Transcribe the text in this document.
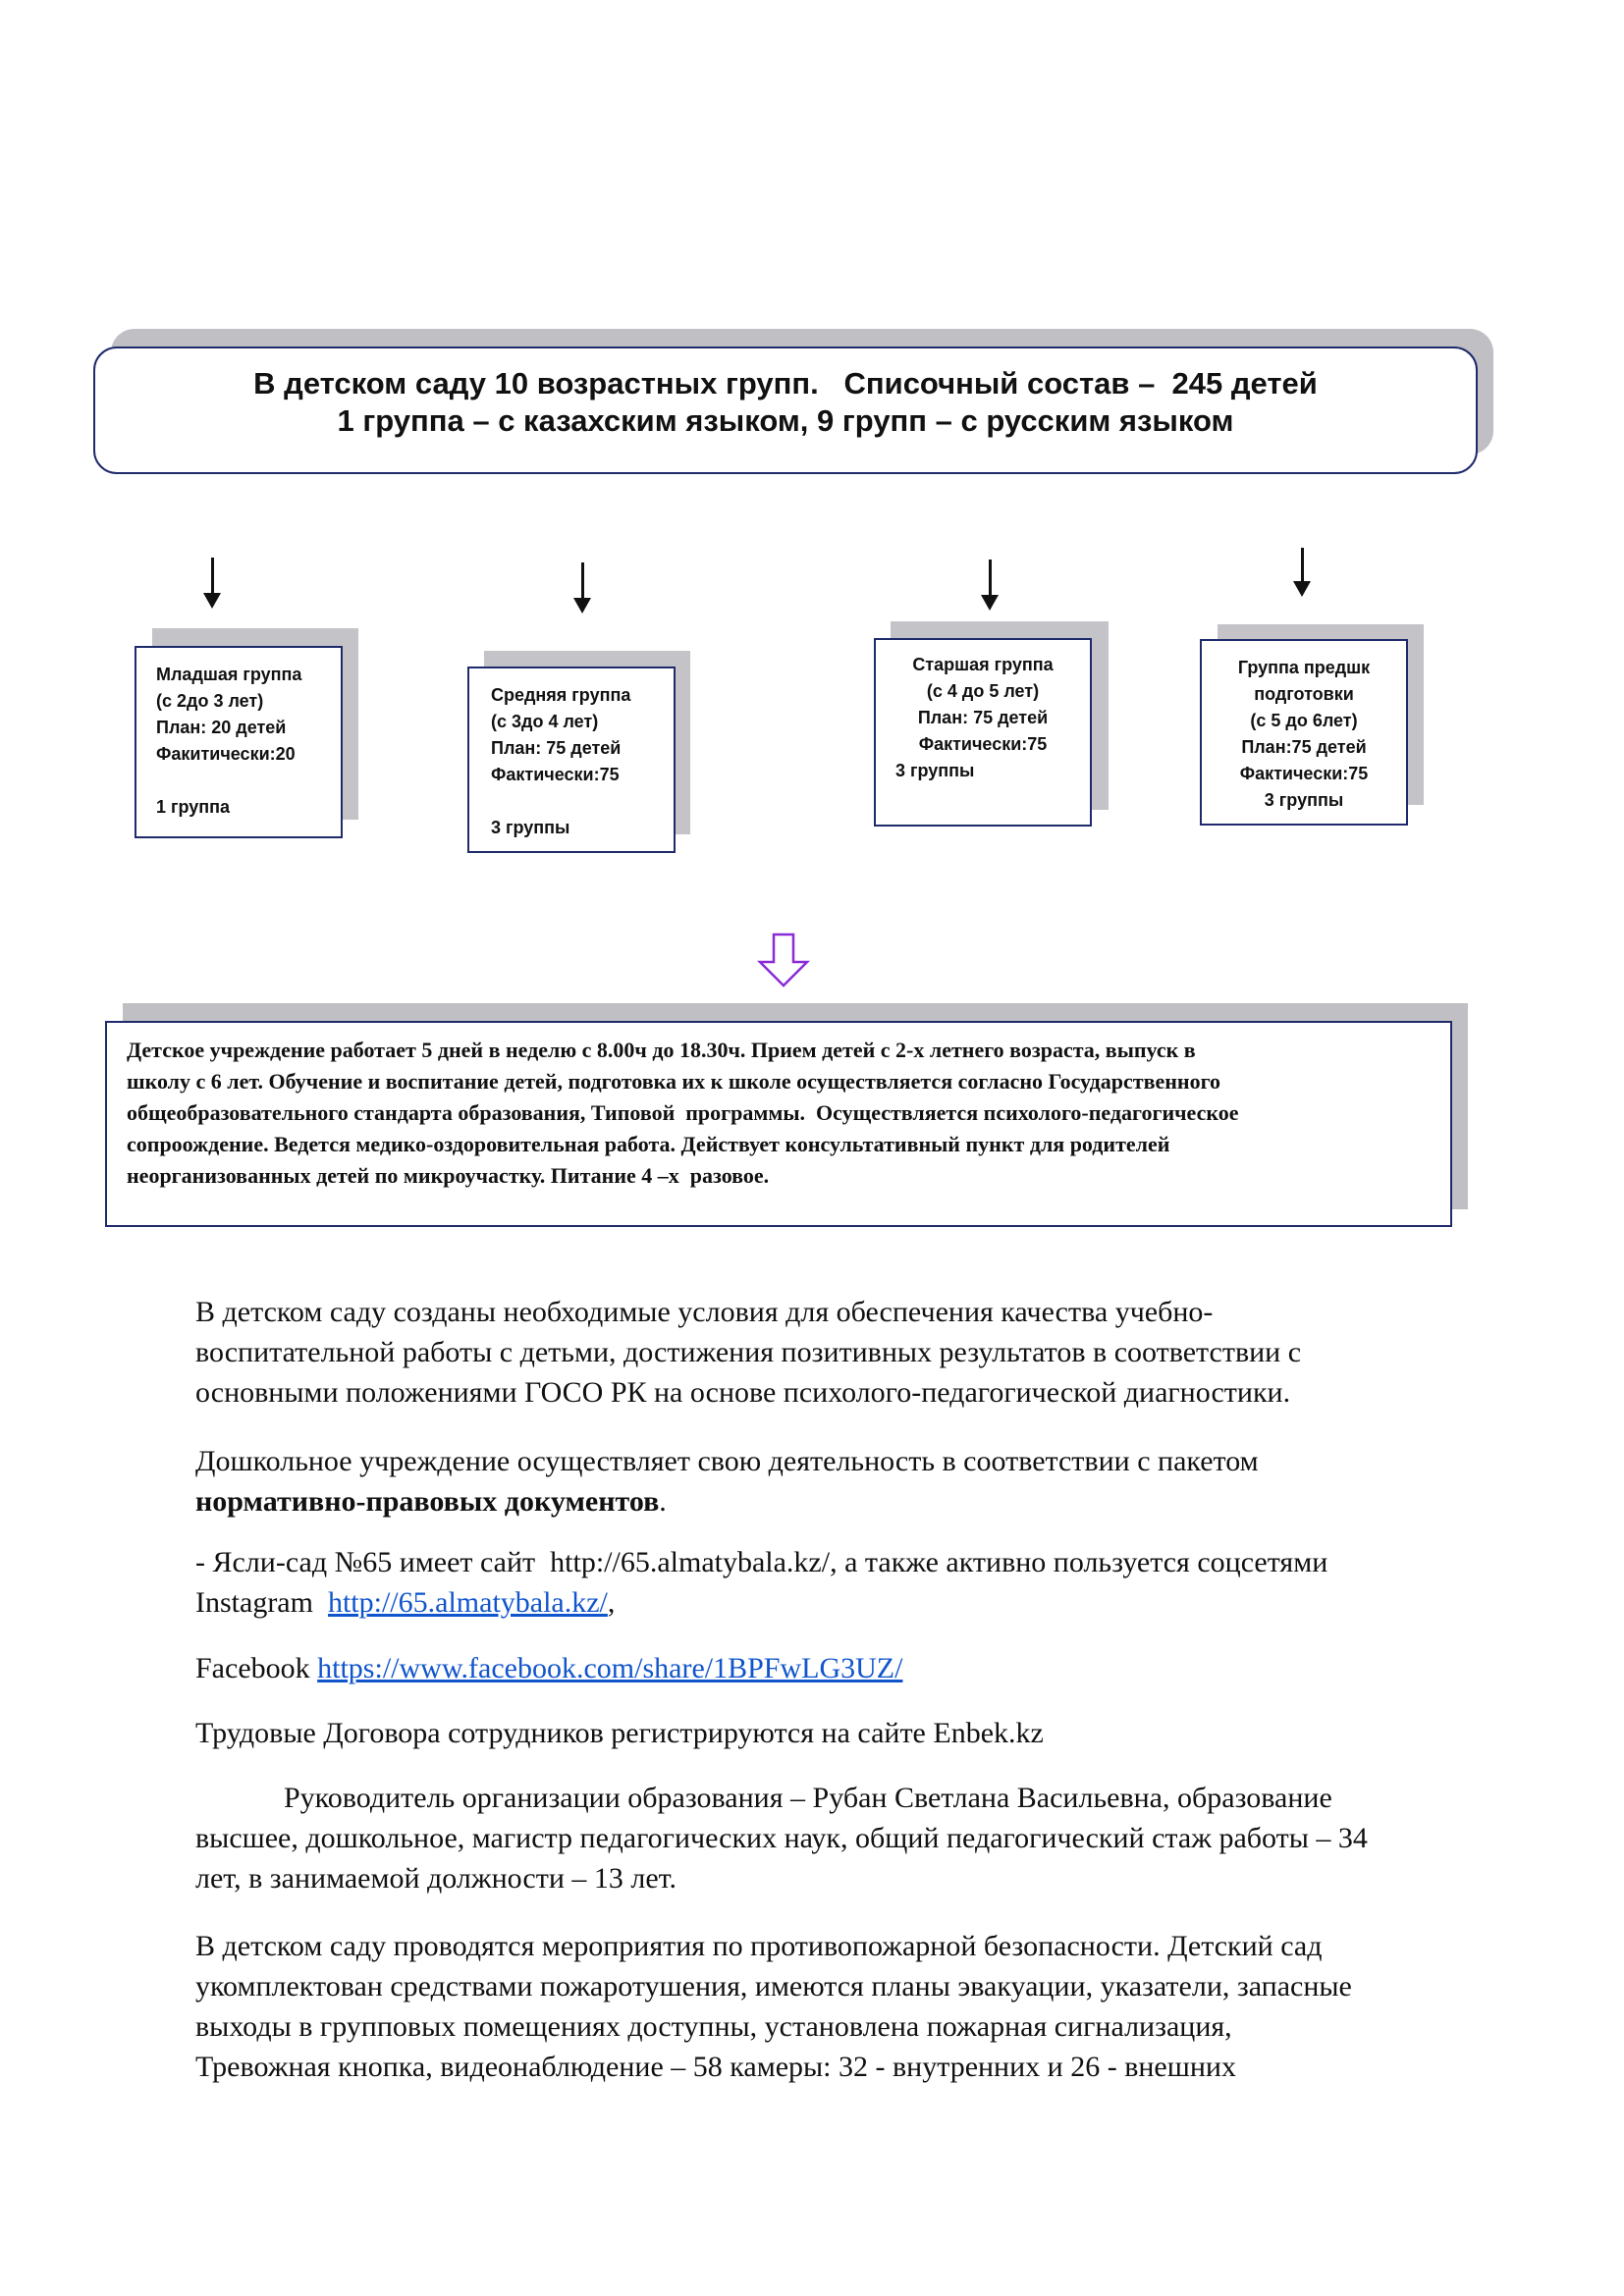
В детском саду 10 возрастных групп.   Списочный состав –  245 детей
1 группа – с казахским языком, 9 групп – с русским языком
Младшая группа
(с 2до 3 лет)
План: 20 детей
Факитически:20
1 группа
Средняя группа
(с 3до 4 лет)
План: 75 детей
Фактически:75
3 группы
Старшая группа
(с 4 до 5 лет)
План: 75 детей
Фактически:75
3 группы
Группа предшк
подготовки
(с 5 до 6лет)
План:75 детей
Фактически:75
3 группы
Детское учреждение работает 5 дней в неделю с 8.00ч до 18.30ч. Прием детей с 2-х летнего возраста, выпуск в
школу с 6 лет. Обучение и воспитание детей, подготовка их к школе осуществляется согласно Государственного
общеобразовательного стандарта образования, Типовой  программы.  Осуществляется психолого-педагогическое
сопроождение. Ведется медико-оздоровительная работа. Действует консультативный пункт для родителей
неорганизованных детей по микроучастку. Питание 4 –х  разовое.
В детском саду созданы необходимые условия для обеспечения качества учебно-
воспитательной работы с детьми, достижения позитивных результатов в соответствии с
основными положениями ГОСО РК на основе психолого-педагогической диагностики.
Дошкольное учреждение осуществляет свою деятельность в соответствии с пакетом
нормативно-правовых документов.
- Ясли-сад №65 имеет сайт  http://65.almatybala.kz/, а также активно пользуется соцсетями
Instagram  http://65.almatybala.kz/,
Facebook https://www.facebook.com/share/1BPFwLG3UZ/
Трудовые Договора сотрудников регистрируются на сайте Enbek.kz
Руководитель организации образования – Рубан Светлана Васильевна, образование
высшее, дошкольное, магистр педагогических наук, общий педагогический стаж работы – 34
лет, в занимаемой должности – 13 лет.
В детском саду проводятся мероприятия по противопожарной безопасности. Детский сад
укомплектован средствами пожаротушения, имеются планы эвакуации, указатели, запасные
выходы в групповых помещениях доступны, установлена пожарная сигнализация,
Тревожная кнопка, видеонаблюдение – 58 камеры: 32 - внутренних и 26 - внешних
